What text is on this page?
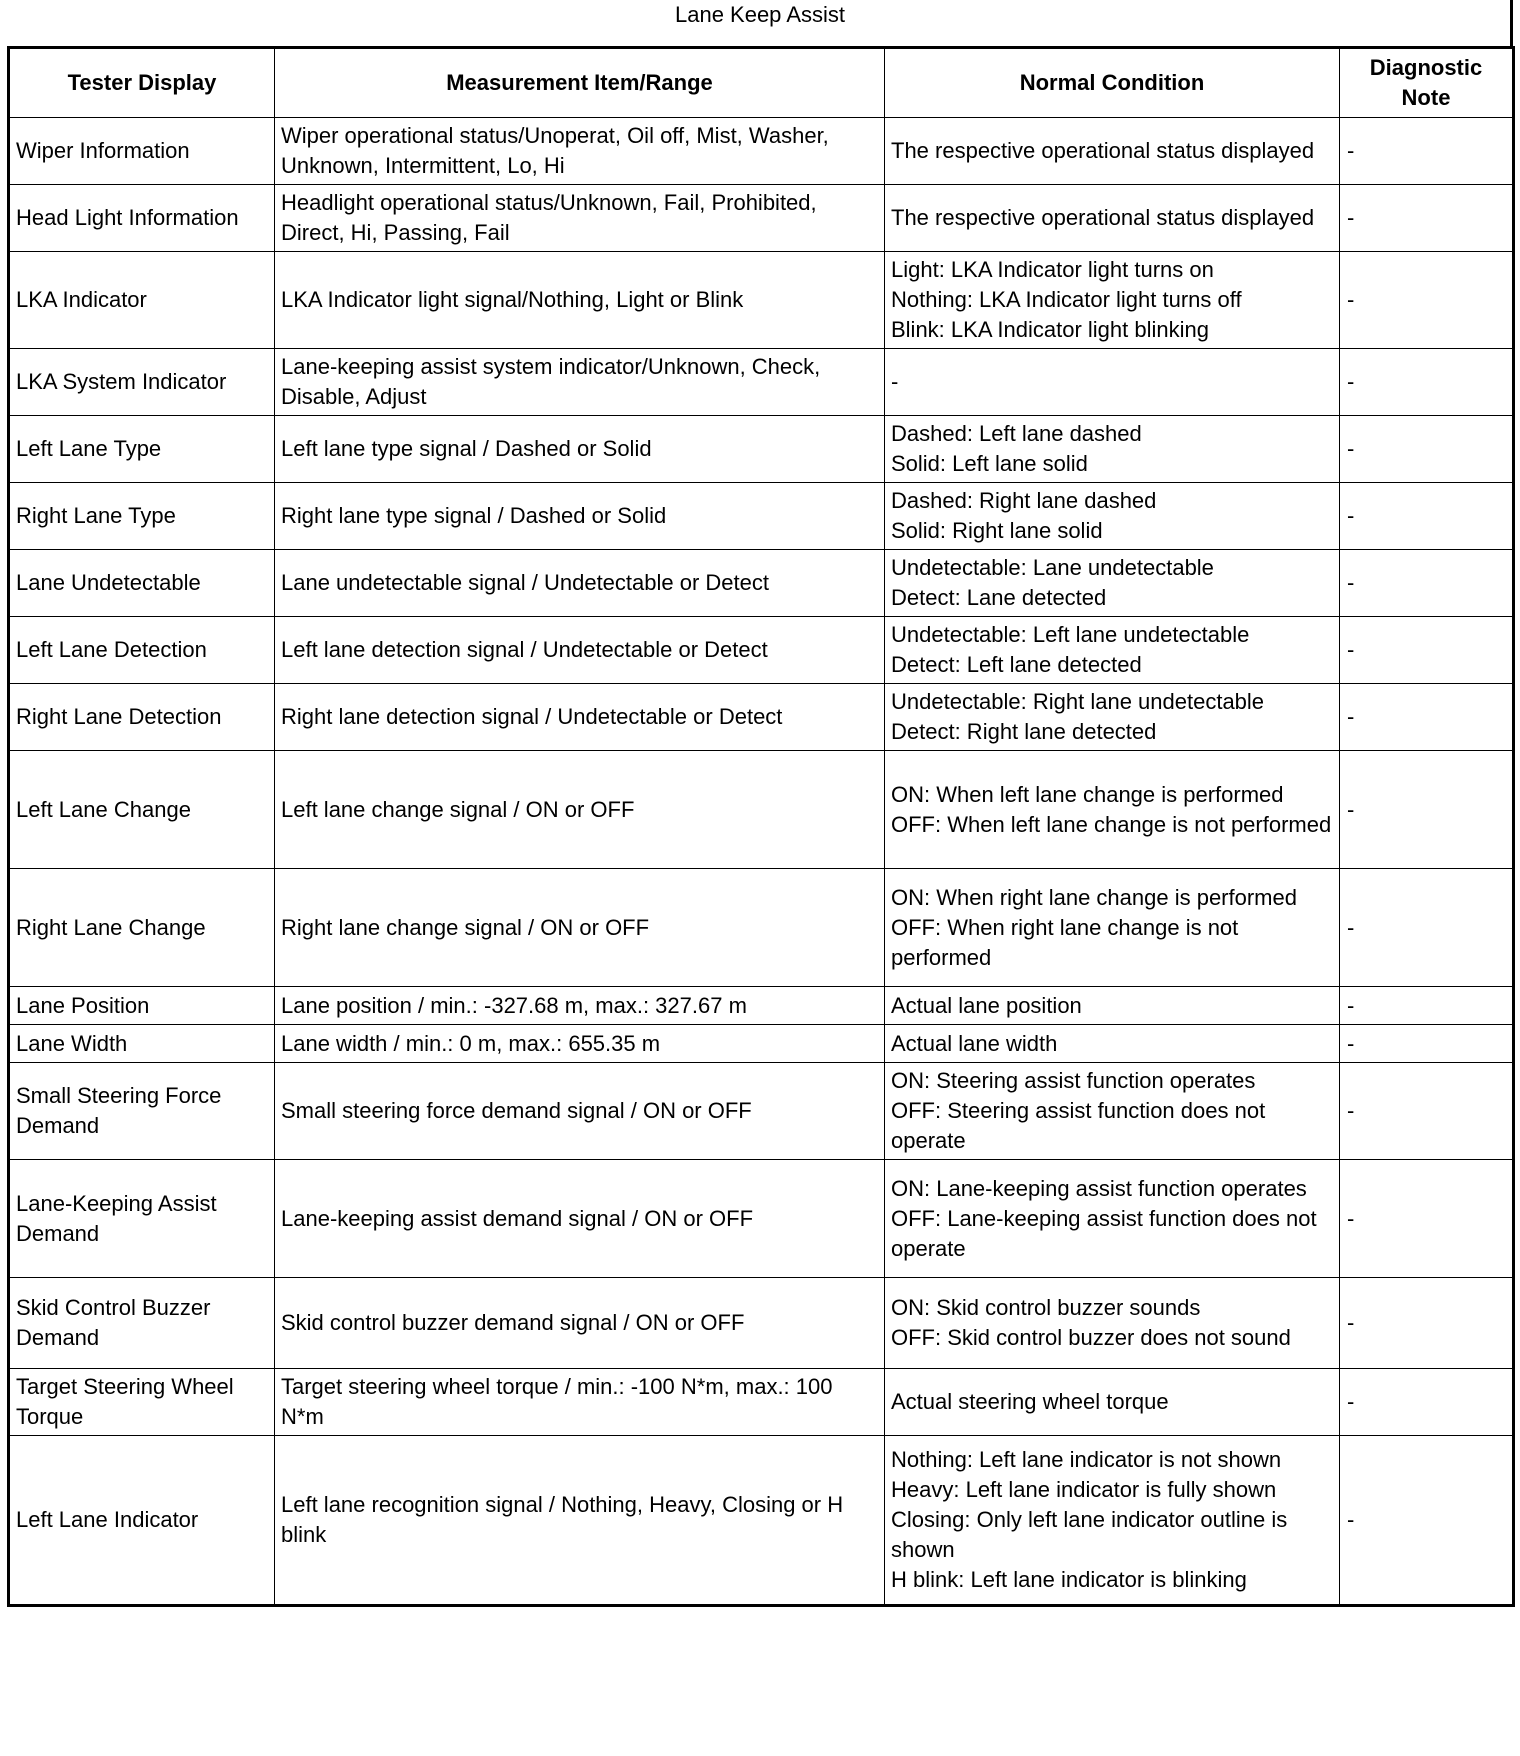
Lane Keep Assist
Tester Display	Measurement Item/Range	Normal Condition	Diagnostic Note
Wiper Information	Wiper operational status/Unoperat, Oil off, Mist, Washer, Unknown, Intermittent, Lo, Hi	The respective operational status displayed	-
Head Light Information	Headlight operational status/Unknown, Fail, Prohibited, Direct, Hi, Passing, Fail	The respective operational status displayed	-
LKA Indicator	LKA Indicator light signal/Nothing, Light or Blink	Light: LKA Indicator light turns on
Nothing: LKA Indicator light turns off
Blink: LKA Indicator light blinking	-
LKA System Indicator	Lane-keeping assist system indicator/Unknown, Check, Disable, Adjust	-	-
Left Lane Type	Left lane type signal / Dashed or Solid	Dashed: Left lane dashed
Solid: Left lane solid	-
Right Lane Type	Right lane type signal / Dashed or Solid	Dashed: Right lane dashed
Solid: Right lane solid	-
Lane Undetectable	Lane undetectable signal / Undetectable or Detect	Undetectable: Lane undetectable
Detect: Lane detected	-
Left Lane Detection	Left lane detection signal / Undetectable or Detect	Undetectable: Left lane undetectable
Detect: Left lane detected	-
Right Lane Detection	Right lane detection signal / Undetectable or Detect	Undetectable: Right lane undetectable
Detect: Right lane detected	-
Left Lane Change	Left lane change signal / ON or OFF	ON: When left lane change is performed
OFF: When left lane change is not performed	-
Right Lane Change	Right lane change signal / ON or OFF	ON: When right lane change is performed
OFF: When right lane change is not performed	-
Lane Position	Lane position / min.: -327.68 m, max.: 327.67 m	Actual lane position	-
Lane Width	Lane width / min.: 0 m, max.: 655.35 m	Actual lane width	-
Small Steering Force Demand	Small steering force demand signal / ON or OFF	ON: Steering assist function operates
OFF: Steering assist function does not operate	-
Lane-Keeping Assist Demand	Lane-keeping assist demand signal / ON or OFF	ON: Lane-keeping assist function operates
OFF: Lane-keeping assist function does not operate	-
Skid Control Buzzer Demand	Skid control buzzer demand signal / ON or OFF	ON: Skid control buzzer sounds
OFF: Skid control buzzer does not sound	-
Target Steering Wheel Torque	Target steering wheel torque / min.: -100 N*m, max.: 100 N*m	Actual steering wheel torque	-
Left Lane Indicator	Left lane recognition signal / Nothing, Heavy, Closing or H blink	Nothing: Left lane indicator is not shown
Heavy: Left lane indicator is fully shown
Closing: Only left lane indicator outline is shown
H blink: Left lane indicator is blinking	-
